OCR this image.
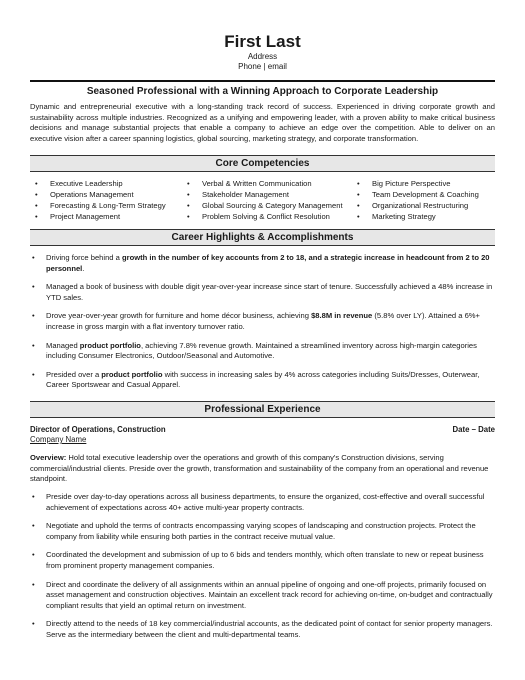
First Last
Address
Phone | email
Seasoned Professional with a Winning Approach to Corporate Leadership
Dynamic and entrepreneurial executive with a long-standing track record of success. Experienced in driving corporate growth and sustainability across multiple industries. Recognized as a unifying and empowering leader, with a proven ability to make critical business decisions and manage substantial projects that enable a company to achieve an edge over the competition. Able to deliver on an executive vision after a career spanning logistics, global sourcing, marketing strategy, and corporate transformation.
Core Competencies
• Executive Leadership
• Operations Management
• Forecasting & Long-Term Strategy
• Project Management
• Verbal & Written Communication
• Stakeholder Management
• Global Sourcing & Category Management
• Problem Solving & Conflict Resolution
• Big Picture Perspective
• Team Development & Coaching
• Organizational Restructuring
• Marketing Strategy
Career Highlights & Accomplishments
• Driving force behind a growth in the number of key accounts from 2 to 18, and a strategic increase in headcount from 2 to 20 personnel.
• Managed a book of business with double digit year-over-year increase since start of tenure. Successfully achieved a 48% increase in YTD sales.
• Drove year-over-year growth for furniture and home décor business, achieving $8.8M in revenue (5.8% over LY). Attained a 6%+ increase in gross margin with a flat inventory turnover ratio.
• Managed product portfolio, achieving 7.8% revenue growth. Maintained a streamlined inventory across high-margin categories including Consumer Electronics, Outdoor/Seasonal and Automotive.
• Presided over a product portfolio with success in increasing sales by 4% across categories including Suits/Dresses, Outerwear, Career Sportswear and Casual Apparel.
Professional Experience
Director of Operations, Construction	Date – Date
Company Name
Overview: Hold total executive leadership over the operations and growth of this company's Construction divisions, serving commercial/industrial clients. Preside over the growth, transformation and sustainability of the company from an operational and revenue standpoint.
• Preside over day-to-day operations across all business departments, to ensure the organized, cost-effective and overall successful achievement of expectations across 40+ active multi-year property contracts.
• Negotiate and uphold the terms of contracts encompassing varying scopes of landscaping and construction projects. Protect the company from liability while ensuring both parties in the contract receive mutual value.
• Coordinated the development and submission of up to 6 bids and tenders monthly, which often translate to new or repeat business from prominent property management companies.
• Direct and coordinate the delivery of all assignments within an annual pipeline of ongoing and one-off projects, primarily focused on asset management and construction objectives. Maintain an excellent track record for achieving on-time, on-budget and contractually compliant results that yield an optimal return on investment.
• Directly attend to the needs of 18 key commercial/industrial accounts, as the dedicated point of contact for senior property managers. Serve as the intermediary between the client and multi-departmental teams.
